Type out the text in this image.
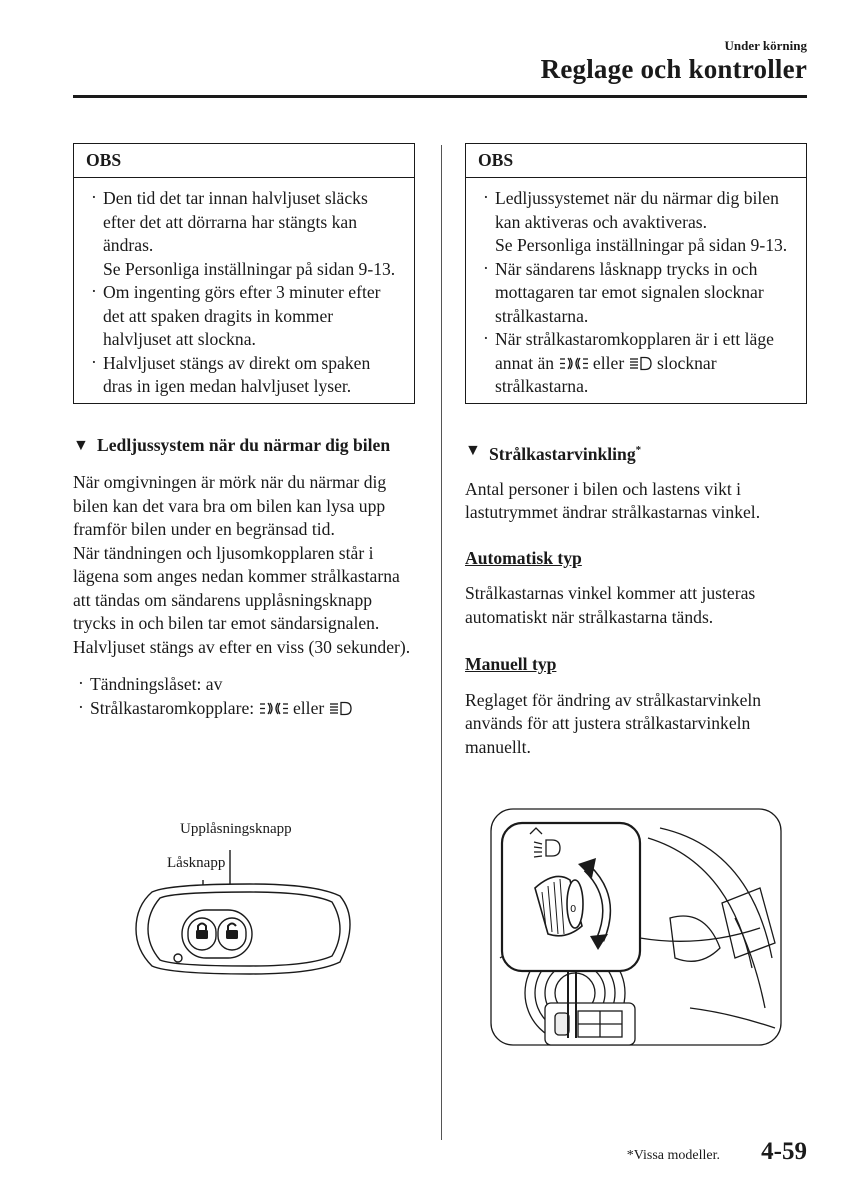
Under körning
Reglage och kontroller
OBS
· Den tid det tar innan halvljuset släcks efter det att dörrarna har stängts kan ändras.
Se Personliga inställningar på sidan 9-13.
· Om ingenting görs efter 3 minuter efter det att spaken dragits in kommer halvljuset att slockna.
· Halvljuset stängs av direkt om spaken dras in igen medan halvljuset lyser.
▼ Ledljussystem när du närmar dig bilen

När omgivningen är mörk när du närmar dig bilen kan det vara bra om bilen kan lysa upp framför bilen under en begränsad tid.

När tändningen och ljusomkopplaren står i lägena som anges nedan kommer strålkastarna att tändas om sändarens upplåsningsknapp trycks in och bilen tar emot sändarsignalen. Halvljuset stängs av efter en viss (30 sekunder).

· Tändningslåset: av
· Strålkastaromkopplare: eller
Upplåsningsknapp
Låsknapp
OBS
· Ledljussystemet när du närmar dig bilen kan aktiveras och avaktiveras.
Se Personliga inställningar på sidan 9-13.
· När sändarens låsknapp trycks in och mottagaren tar emot signalen slocknar strålkastarna.
· När strålkastaromkopplaren är i ett läge annat än eller slocknar strålkastarna.
▼ Strålkastarvinkling*

Antal personer i bilen och lastens vikt i lastutrymmet ändrar strålkastarnas vinkel.

Automatisk typ

Strålkastarnas vinkel kommer att justeras automatiskt när strålkastarna tänds.

Manuell typ

Reglaget för ändring av strålkastarvinkeln används för att justera strålkastarvinkeln manuellt.

0
*Vissa modeller. 4-59
